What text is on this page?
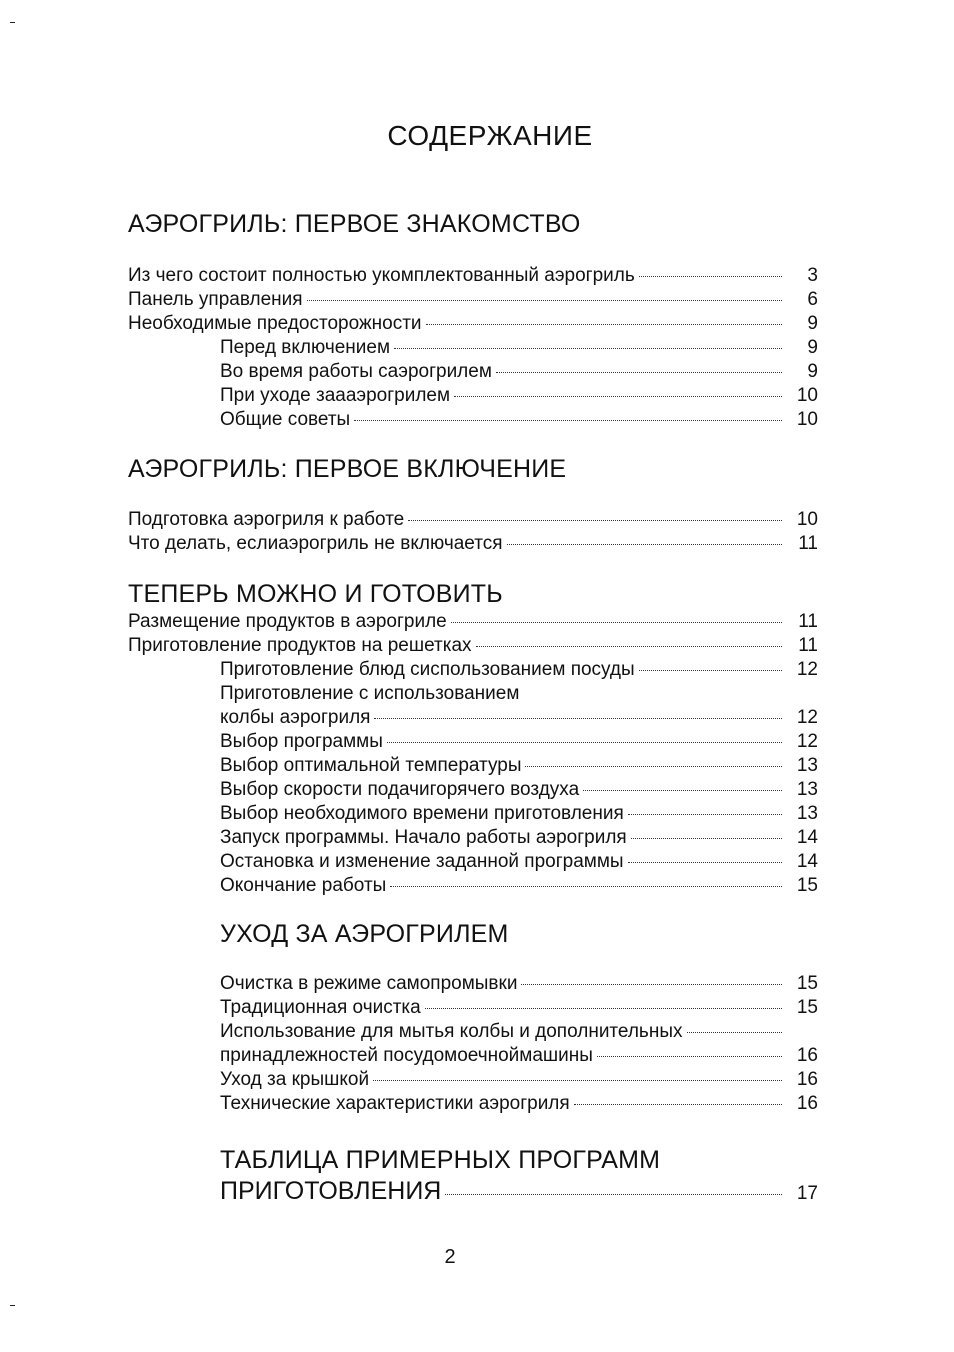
СОДЕРЖАНИЕ
АЭРОГРИЛЬ: ПЕРВОЕ ЗНАКОМСТВО
Из чего состоит полностью укомплектованный аэрогриль	3
Панель управления	6
Необходимые предосторожности	9
Перед включением	9
Во время работы саэрогрилем	9
При уходе заааэрогрилем	10
Общие советы	10
АЭРОГРИЛЬ: ПЕРВОЕ ВКЛЮЧЕНИЕ
Подготовка аэрогриля к работе	10
Что делать, еслиаэрогриль не включается	11
ТЕПЕРЬ МОЖНО И ГОТОВИТЬ
Размещение продуктов в аэрогриле	11
Приготовление продуктов на решетках	11
Приготовление блюд сиспользованием посуды	12
Приготовление с использованием
колбы аэрогриля	12
Выбор программы	12
Выбор оптимальной температуры	13
Выбор скорости подачигорячего воздуха	13
Выбор необходимого времени приготовления	13
Запуск программы. Начало работы аэрогриля	14
Остановка и изменение заданной программы	14
Окончание работы	15
УХОД ЗА АЭРОГРИЛЕМ
Очистка в режиме самопромывки	15
Традиционная очистка	15
Использование для мытья колбы и дополнительных
принадлежностей посудомоечноймашины	16
Уход за крышкой	16
Технические характеристики аэрогриля	16
ТАБЛИЦА ПРИМЕРНЫХ ПРОГРАММ
ПРИГОТОВЛЕНИЯ	17
2
